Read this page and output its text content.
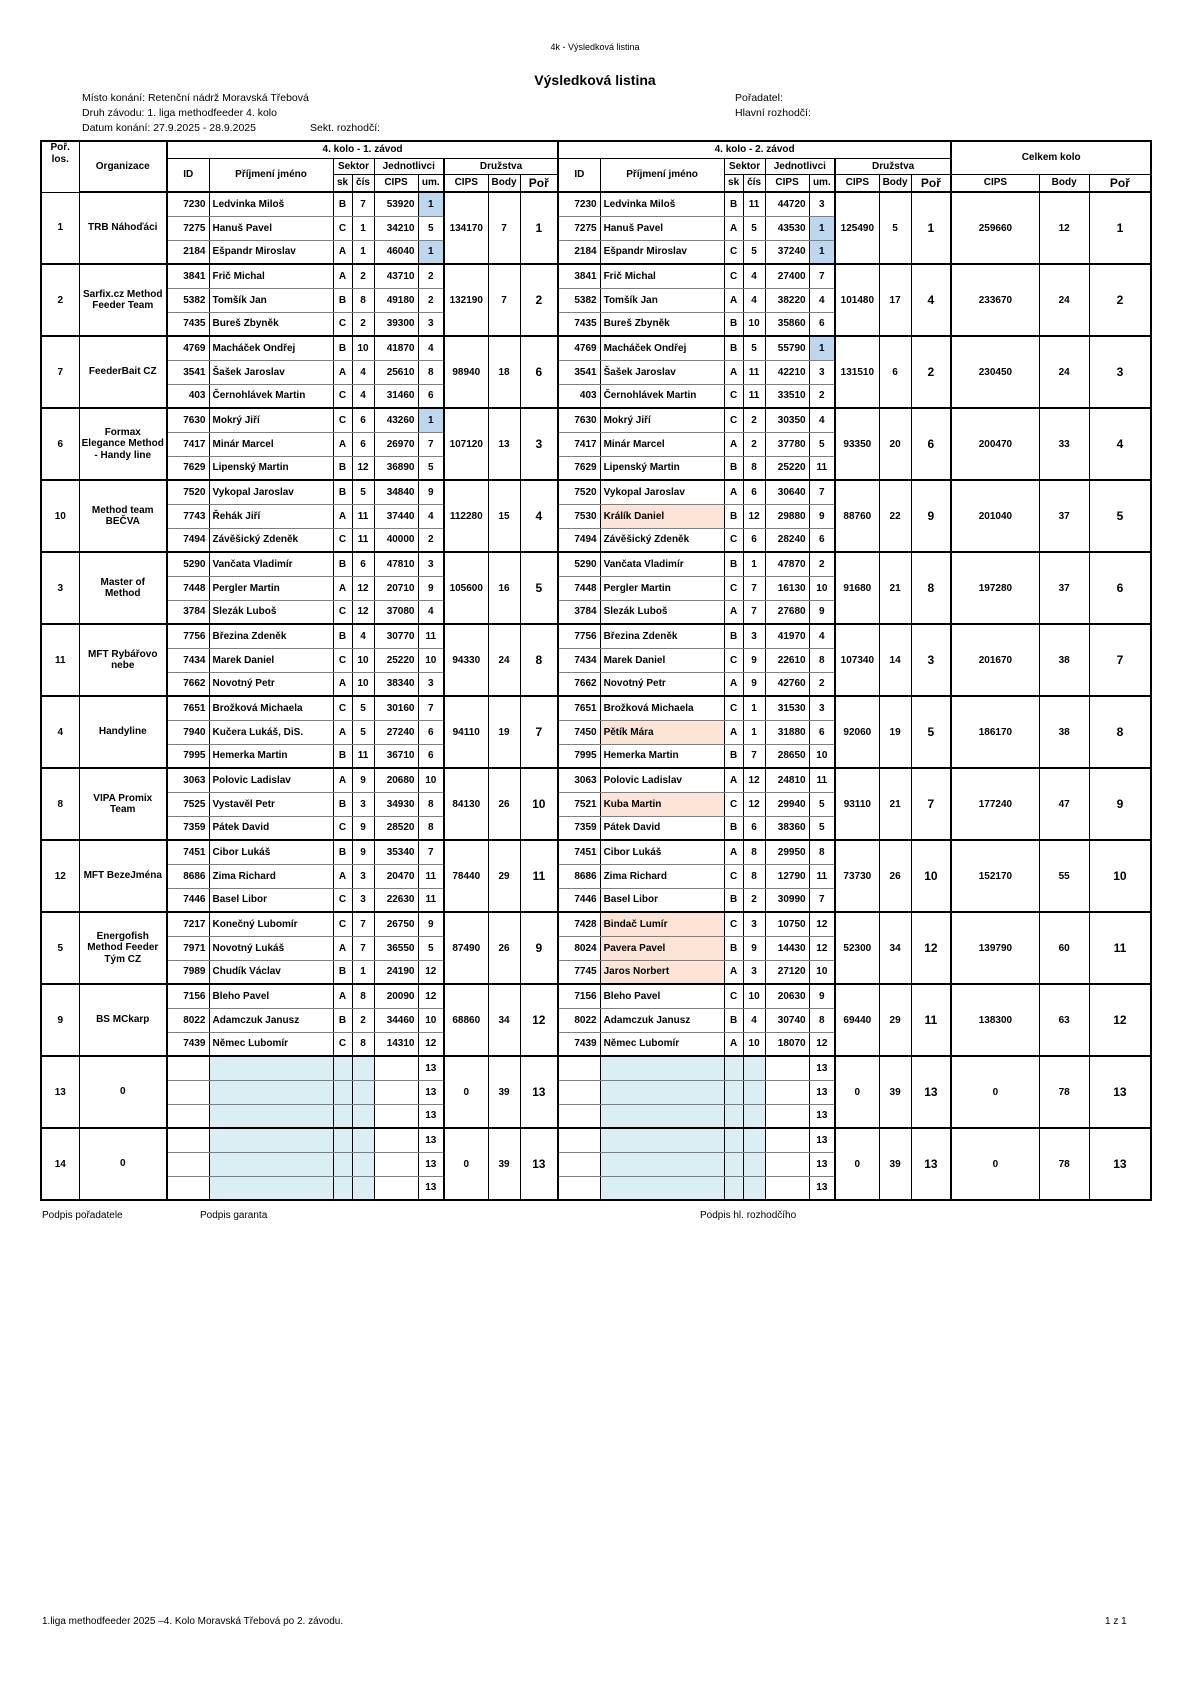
4k - Výsledková listina
Výsledková listina
Místo konání: Retenční nádrž Moravská Třebová	Pořadatel:
Druh závodu: 1. liga methodfeeder 4. kolo	Hlavní rozhodčí:
Datum konání: 27.9.2025 - 28.9.2025	Sekt. rozhodčí:
Poř.
los.	Organizace	4. kolo - 1. závod									4. kolo - 2. závod									Celkem kolo		
		ID	Příjmení jméno	Sektor		Jednotlivci		Družstva			ID	Příjmení jméno	Sektor		Jednotlivci		Družstva					
				sk	čís	CIPS	um.	CIPS	Body	Poř			sk	čís	CIPS	um.	CIPS	Body	Poř	CIPS	Body	Poř
1	TRB Náhoďáci	7230	Ledvinka Miloš	B	7	53920	1	134170	7	1	7230	Ledvinka Miloš	B	11	44720	3	125490	5	1	259660	12	1
		7275	Hanuš Pavel	C	1	34210	5				7275	Hanuš Pavel	A	5	43530	1						
		2184	Ešpandr Miroslav	A	1	46040	1				2184	Ešpandr Miroslav	C	5	37240	1						
2	Sarfix.cz Method Feeder Team	3841	Frič Michal	A	2	43710	2	132190	7	2	3841	Frič Michal	C	4	27400	7	101480	17	4	233670	24	2
		5382	Tomšík Jan	B	8	49180	2				5382	Tomšík Jan	A	4	38220	4						
		7435	Bureš Zbyněk	C	2	39300	3				7435	Bureš Zbyněk	B	10	35860	6						
7	FeederBait CZ	4769	Macháček Ondřej	B	10	41870	4	98940	18	6	4769	Macháček Ondřej	B	5	55790	1	131510	6	2	230450	24	3
		3541	Šašek Jaroslav	A	4	25610	8				3541	Šašek Jaroslav	A	11	42210	3						
		403	Černohlávek Martin	C	4	31460	6				403	Černohlávek Martin	C	11	33510	2						
6	Formax Elegance Method - Handy line	7630	Mokrý Jiří	C	6	43260	1	107120	13	3	7630	Mokrý Jiří	C	2	30350	4	93350	20	6	200470	33	4
		7417	Minár Marcel	A	6	26970	7				7417	Minár Marcel	A	2	37780	5						
		7629	Lipenský Martin	B	12	36890	5				7629	Lipenský Martin	B	8	25220	11						
10	Method team BEČVA	7520	Vykopal Jaroslav	B	5	34840	9	112280	15	4	7520	Vykopal Jaroslav	A	6	30640	7	88760	22	9	201040	37	5
		7743	Řehák Jiří	A	11	37440	4				7530	Králík Daniel	B	12	29880	9						
		7494	Závěšický Zdeněk	C	11	40000	2				7494	Závěšický Zdeněk	C	6	28240	6						
3	Master of Method	5290	Vančata Vladimír	B	6	47810	3	105600	16	5	5290	Vančata Vladimír	B	1	47870	2	91680	21	8	197280	37	6
		7448	Pergler Martin	A	12	20710	9				7448	Pergler Martin	C	7	16130	10						
		3784	Slezák Luboš	C	12	37080	4				3784	Slezák Luboš	A	7	27680	9						
11	MFT Rybářovo nebe	7756	Březina Zdeněk	B	4	30770	11	94330	24	8	7756	Březina Zdeněk	B	3	41970	4	107340	14	3	201670	38	7
		7434	Marek Daniel	C	10	25220	10				7434	Marek Daniel	C	9	22610	8						
		7662	Novotný Petr	A	10	38340	3				7662	Novotný Petr	A	9	42760	2						
4	Handyline	7651	Brožková Michaela	C	5	30160	7	94110	19	7	7651	Brožková Michaela	C	1	31530	3	92060	19	5	186170	38	8
		7940	Kučera Lukáš, DiS.	A	5	27240	6				7450	Pětík Mára	A	1	31880	6						
		7995	Hemerka Martin	B	11	36710	6				7995	Hemerka Martin	B	7	28650	10						
8	VIPA Promix Team	3063	Polovic Ladislav	A	9	20680	10	84130	26	10	3063	Polovic Ladislav	A	12	24810	11	93110	21	7	177240	47	9
		7525	Vystavěl Petr	B	3	34930	8				7521	Kuba Martin	C	12	29940	5						
		7359	Pátek David	C	9	28520	8				7359	Pátek David	B	6	38360	5						
12	MFT BezeJména	7451	Cibor Lukáš	B	9	35340	7	78440	29	11	7451	Cibor Lukáš	A	8	29950	8	73730	26	10	152170	55	10
		8686	Zima Richard	A	3	20470	11				8686	Zima Richard	C	8	12790	11						
		7446	Basel Libor	C	3	22630	11				7446	Basel Libor	B	2	30990	7						
5	Energofish Method Feeder Tým CZ	7217	Konečný Lubomír	C	7	26750	9	87490	26	9	7428	Bindač Lumír	C	3	10750	12	52300	34	12	139790	60	11
		7971	Novotný Lukáš	A	7	36550	5				8024	Pavera Pavel	B	9	14430	12						
		7989	Chudík Václav	B	1	24190	12				7745	Jaros Norbert	A	3	27120	10						
9	BS MCkarp	7156	Bleho Pavel	A	8	20090	12	68860	34	12	7156	Bleho Pavel	C	10	20630	9	69440	29	11	138300	63	12
		8022	Adamczuk Janusz	B	2	34460	10				8022	Adamczuk Janusz	B	4	30740	8						
		7439	Němec Lubomír	C	8	14310	12				7439	Němec Lubomír	A	10	18070	12						
13	0						13	0	39	13						13	0	39	13	0	78	13
							13									13						
							13									13						
14	0						13	0	39	13						13	0	39	13	0	78	13
							13									13						
							13									13						
Podpis pořadatele	Podpis garanta	Podpis hl. rozhodčího
1.liga methodfeeder 2025 –4. Kolo Moravská Třebová po 2. závodu.	1 z 1
